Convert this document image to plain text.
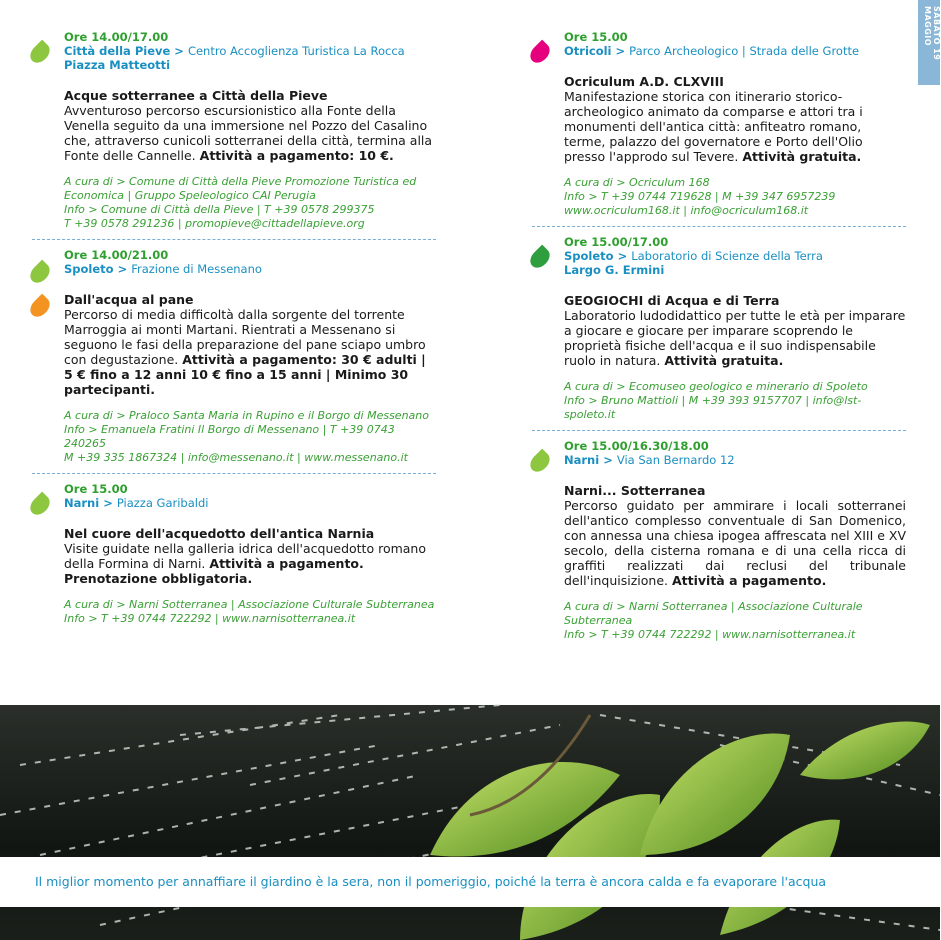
SABATO 19 MAGGIO
Ore 14.00/17.00
Città della Pieve > Centro Accoglienza Turistica La Rocca
Piazza Matteotti
Acque sotterranee a Città della Pieve
Avventuroso percorso escursionistico alla Fonte della Venella seguito da una immersione nel Pozzo del Casalino che, attraverso cunicoli sotterranei della città, termina alla Fonte delle Cannelle. Attività a pagamento: 10 €.
A cura di > Comune di Città della Pieve Promozione Turistica ed Economica | Gruppo Speleologico CAI Perugia
Info > Comune di Città della Pieve | T +39 0578 299375
T +39 0578 291236 | promopieve@cittadellapieve.org
Ore 14.00/21.00
Spoleto > Frazione di Messenano
Dall'acqua al pane
Percorso di media difficoltà dalla sorgente del torrente Marroggia ai monti Martani. Rientrati a Messenano si seguono le fasi della preparazione del pane sciapo umbro con degustazione. Attività a pagamento: 30 € adulti | 5 € fino a 12 anni 10 € fino a 15 anni | Minimo 30 partecipanti.
A cura di > Praloco Santa Maria in Rupino e il Borgo di Messenano
Info > Emanuela Fratini Il Borgo di Messenano | T +39 0743 240265
M +39 335 1867324 | info@messenano.it | www.messenano.it
Ore 15.00
Narni > Piazza Garibaldi
Nel cuore dell'acquedotto dell'antica Narnia
Visite guidate nella galleria idrica dell'acquedotto romano della Formina di Narni. Attività a pagamento. Prenotazione obbligatoria.
A cura di > Narni Sotterranea | Associazione Culturale Subterranea
Info > T +39 0744 722292 | www.narnisotterranea.it
Ore 15.00
Otricoli > Parco Archeologico | Strada delle Grotte
Ocriculum A.D. CLXVIII
Manifestazione storica con itinerario storico-archeologico animato da comparse e attori tra i monumenti dell'antica città: anfiteatro romano, terme, palazzo del governatore e Porto dell'Olio presso l'approdo sul Tevere. Attività gratuita.
A cura di > Ocriculum 168
Info > T +39 0744 719628 | M +39 347 6957239
www.ocriculum168.it | info@ocriculum168.it
Ore 15.00/17.00
Spoleto > Laboratorio di Scienze della Terra
Largo G. Ermini
GEOGIOCHI di Acqua e di Terra
Laboratorio ludodidattico per tutte le età per imparare a giocare e giocare per imparare scoprendo le proprietà fisiche dell'acqua e il suo indispensabile ruolo in natura. Attività gratuita.
A cura di > Ecomuseo geologico e minerario di Spoleto
Info > Bruno Mattioli | M +39 393 9157707 | info@lst-spoleto.it
Ore 15.00/16.30/18.00
Narni > Via San Bernardo 12
Narni... Sotterranea
Percorso guidato per ammirare i locali sotterranei dell'antico complesso conventuale di San Domenico, con annessa una chiesa ipogea affrescata nel XIII e XV secolo, della cisterna romana e di una cella ricca di graffiti realizzati dai reclusi del tribunale dell'inquisizione. Attività a pagamento.
A cura di > Narni Sotterranea | Associazione Culturale Subterranea
Info > T +39 0744 722292 | www.narnisotterranea.it
Il miglior momento per annaffiare il giardino è la sera, non il pomeriggio, poiché la terra è ancora calda e fa evaporare l'acqua
